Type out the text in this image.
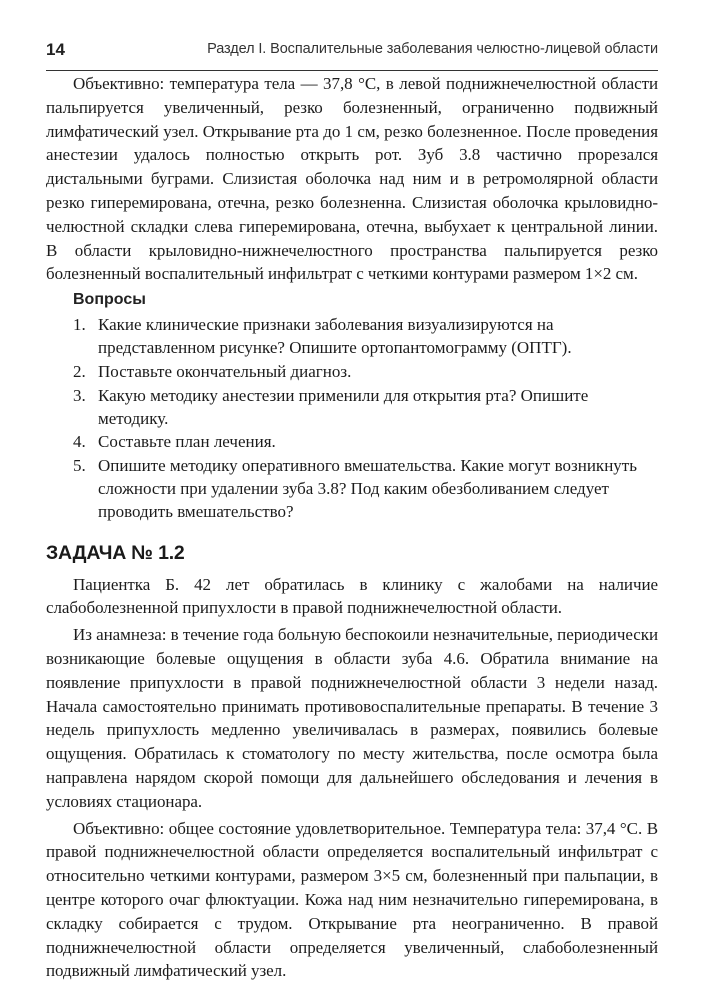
14	Раздел I. Воспалительные заболевания челюстно-лицевой области

Объективно: температура тела — 37,8 °С, в левой поднижнечелюстной области пальпируется увеличенный, резко болезненный, ограниченно подвижный лимфатический узел. Открывание рта до 1 см, резко болезненное. После проведения анестезии удалось полностью открыть рот. Зуб 3.8 частично прорезался дистальными буграми. Слизистая оболочка над ним и в ретромолярной области резко гиперемирована, отечна, резко болезненна. Слизистая оболочка крыловидно-челюстной складки слева гиперемирована, отечна, выбухает к центральной линии. В области крыловидно-нижнечелюстного пространства пальпируется резко болезненный воспалительный инфильтрат с четкими контурами размером 1×2 см.

Вопросы
1. Какие клинические признаки заболевания визуализируются на представленном рисунке? Опишите ортопантомограмму (ОПТГ).
2. Поставьте окончательный диагноз.
3. Какую методику анестезии применили для открытия рта? Опишите методику.
4. Составьте план лечения.
5. Опишите методику оперативного вмешательства. Какие могут возникнуть сложности при удалении зуба 3.8? Под каким обезболиванием следует проводить вмешательство?
ЗАДАЧА № 1.2

Пациентка Б. 42 лет обратилась в клинику с жалобами на наличие слабоболезненной припухлости в правой поднижнечелюстной области.

Из анамнеза: в течение года больную беспокоили незначительные, периодически возникающие болевые ощущения в области зуба 4.6. Обратила внимание на появление припухлости в правой поднижнечелюстной области 3 недели назад. Начала самостоятельно принимать противовоспалительные препараты. В течение 3 недель припухлость медленно увеличивалась в размерах, появились болевые ощущения. Обратилась к стоматологу по месту жительства, после осмотра была направлена нарядом скорой помощи для дальнейшего обследования и лечения в условиях стационара.

Объективно: общее состояние удовлетворительное. Температура тела: 37,4 °С. В правой поднижнечелюстной области определяется воспалительный инфильтрат с относительно четкими контурами, размером 3×5 см, болезненный при пальпации, в центре которого очаг флюктуации. Кожа над ним незначительно гиперемирована, в складку собирается с трудом. Открывание рта неограниченно. В правой поднижнечелюстной области определяется увеличенный, слабоболезненный подвижный лимфатический узел.
